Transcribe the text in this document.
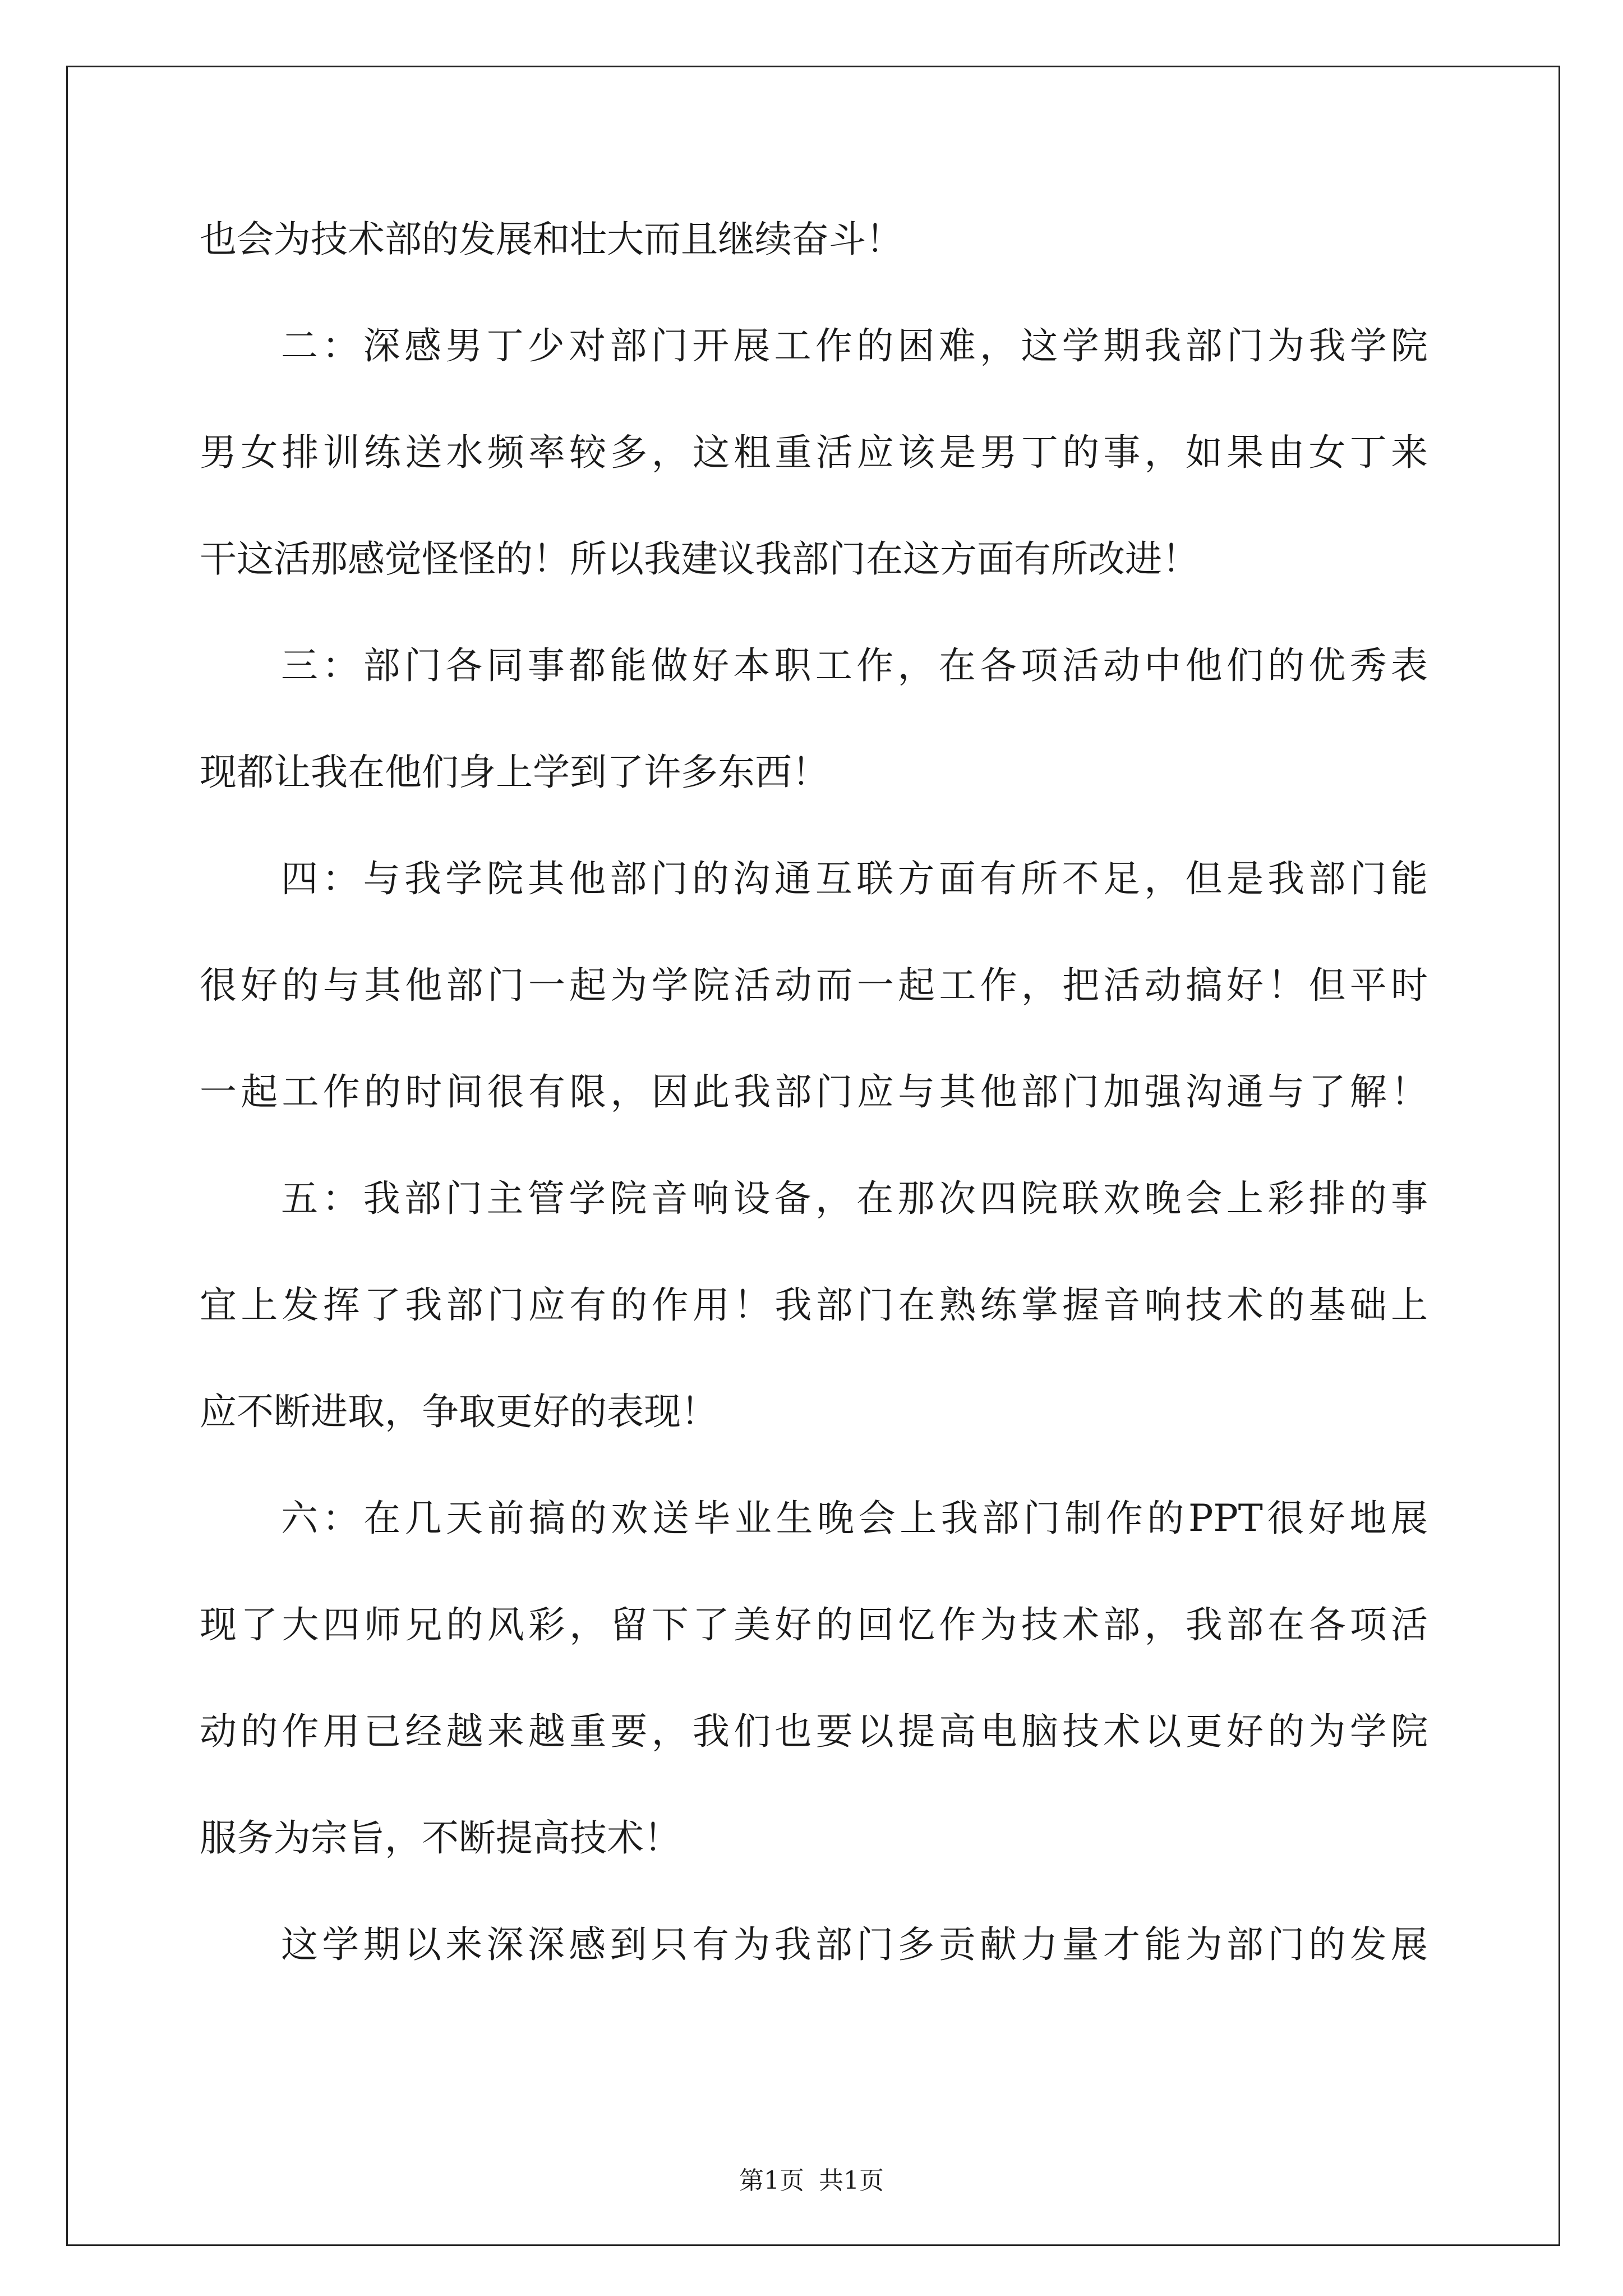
也会为技术部的发展和壮大而且继续奋斗！
二：深感男丁少对部门开展工作的困难，这学期我部门为我学院
男女排训练送水频率较多，这粗重活应该是男丁的事，如果由女丁来
干这活那感觉怪怪的！所以我建议我部门在这方面有所改进！
三：部门各同事都能做好本职工作，在各项活动中他们的优秀表
现都让我在他们身上学到了许多东西！
四：与我学院其他部门的沟通互联方面有所不足，但是我部门能
很好的与其他部门一起为学院活动而一起工作，把活动搞好！但平时
一起工作的时间很有限，因此我部门应与其他部门加强沟通与了解！
五：我部门主管学院音响设备，在那次四院联欢晚会上彩排的事
宜上发挥了我部门应有的作用！我部门在熟练掌握音响技术的基础上
应不断进取，争取更好的表现！
六：在几天前搞的欢送毕业生晚会上我部门制作的PPT很好地展
现了大四师兄的风彩，留下了美好的回忆作为技术部，我部在各项活
动的作用已经越来越重要，我们也要以提高电脑技术以更好的为学院
服务为宗旨，不断提高技术！
这学期以来深深感到只有为我部门多贡献力量才能为部门的发展
第1页 共1页
